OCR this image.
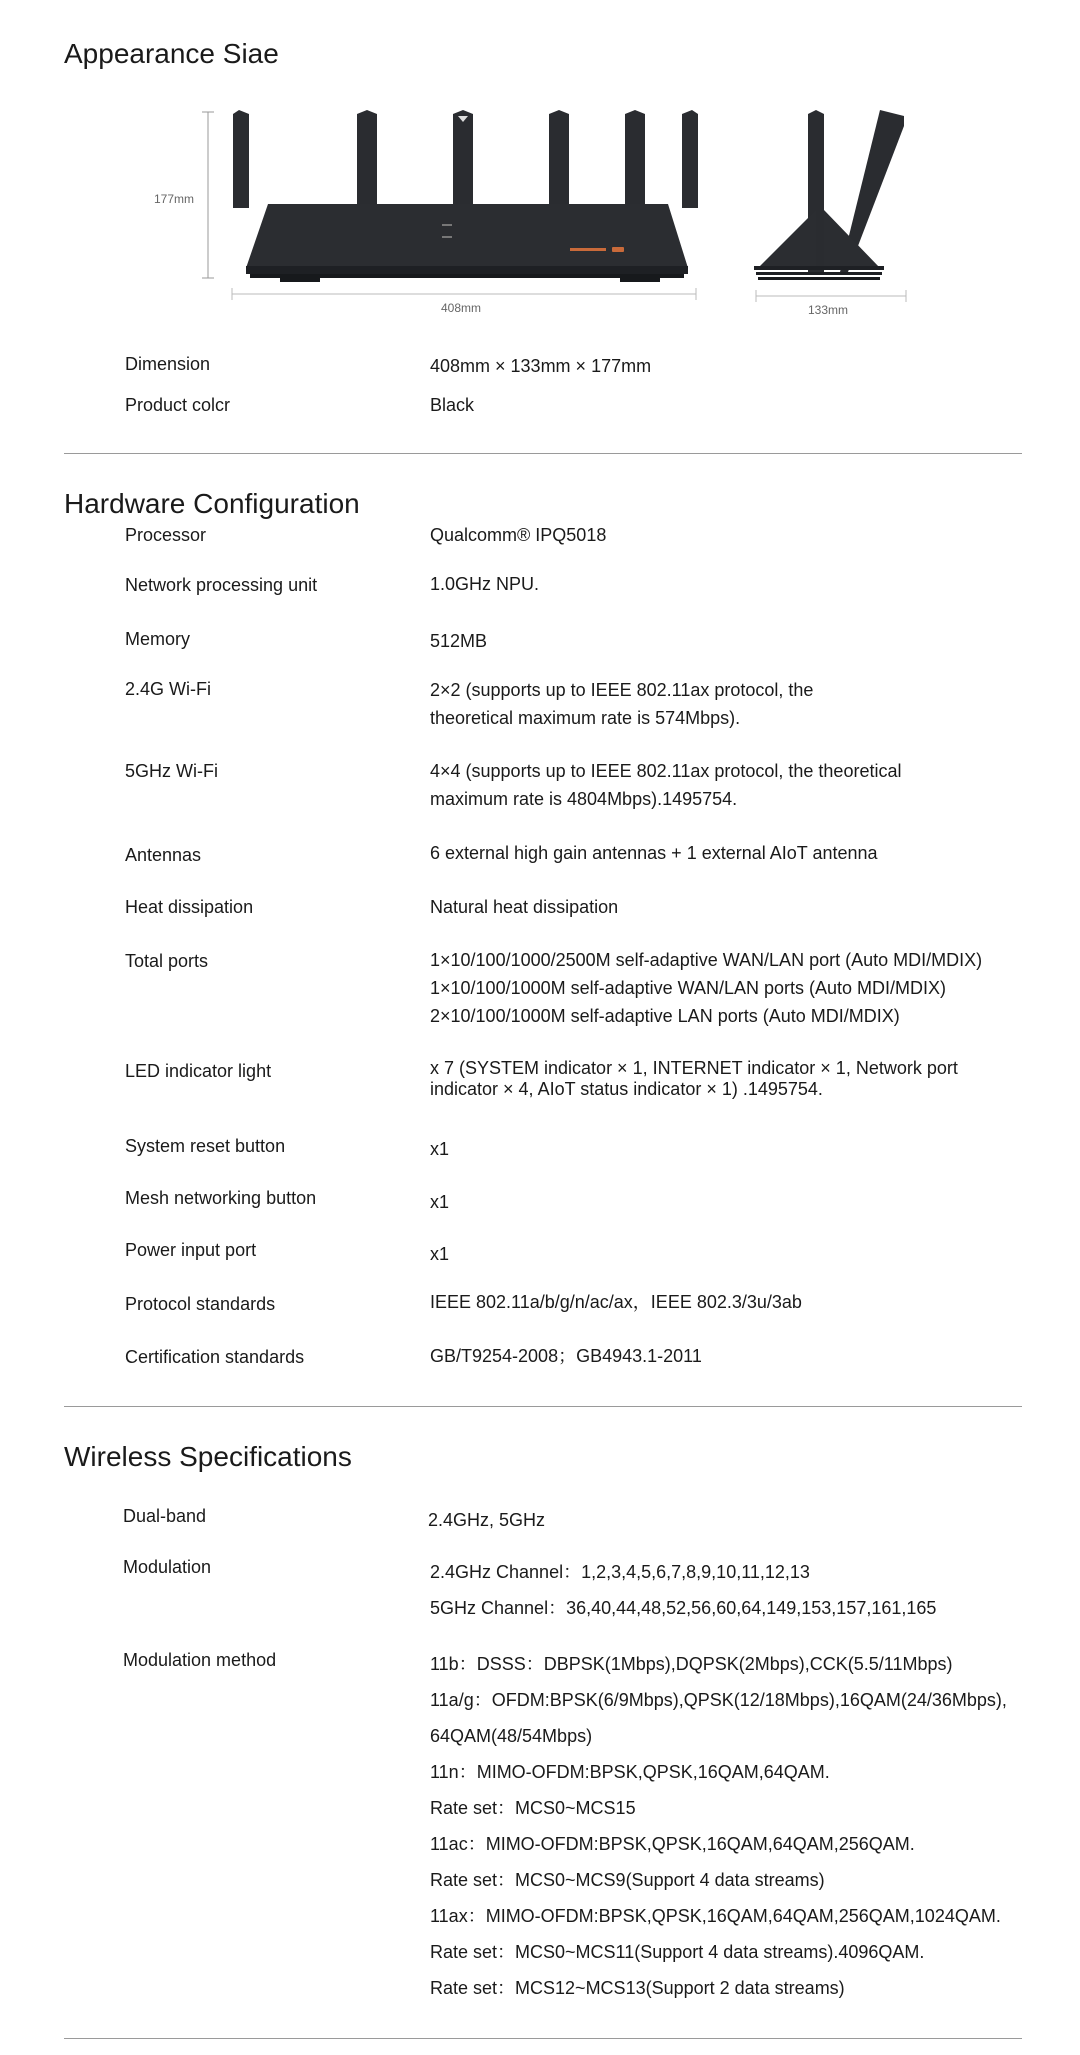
Appearance Siae
177mm
408mm	133mm
Dimension	408mm × 133mm × 177mm
Product colcr	Black
Hardware Configuration
Processor	Qualcomm® IPQ5018
Network processing unit	1.0GHz NPU.
Memory	512MB
2.4G Wi-Fi	2×2 (supports up to IEEE 802.11ax protocol, the
theoretical maximum rate is 574Mbps).
5GHz Wi-Fi	4×4 (supports up to IEEE 802.11ax protocol, the theoretical
maximum rate is 4804Mbps).1495754.
Antennas	6 external high gain antennas + 1 external AIoT antenna
Heat dissipation	Natural heat dissipation
Total ports	1×10/100/1000/2500M self-adaptive WAN/LAN port (Auto MDI/MDIX)
1×10/100/1000M self-adaptive WAN/LAN ports (Auto MDI/MDIX)
2×10/100/1000M self-adaptive LAN ports (Auto MDI/MDIX)
LED indicator light	x 7 (SYSTEM indicator × 1, INTERNET indicator × 1, Network port
indicator × 4, AIoT status indicator × 1) .1495754.
System reset button	x1
Mesh networking button	x1
Power input port	x1
Protocol standards	IEEE 802.11a/b/g/n/ac/ax，IEEE 802.3/3u/3ab
Certification standards	GB/T9254-2008；GB4943.1-2011
Wireless Specifications
Dual-band	2.4GHz, 5GHz
Modulation	2.4GHz Channel：1,2,3,4,5,6,7,8,9,10,11,12,13
5GHz Channel：36,40,44,48,52,56,60,64,149,153,157,161,165
Modulation method	11b：DSSS：DBPSK(1Mbps),DQPSK(2Mbps),CCK(5.5/11Mbps)
11a/g：OFDM:BPSK(6/9Mbps),QPSK(12/18Mbps),16QAM(24/36Mbps),
64QAM(48/54Mbps)
11n：MIMO-OFDM:BPSK,QPSK,16QAM,64QAM.
Rate set：MCS0~MCS15
11ac：MIMO-OFDM:BPSK,QPSK,16QAM,64QAM,256QAM.
Rate set：MCS0~MCS9(Support 4 data streams)
11ax：MIMO-OFDM:BPSK,QPSK,16QAM,64QAM,256QAM,1024QAM.
Rate set：MCS0~MCS11(Support 4 data streams).4096QAM.
Rate set：MCS12~MCS13(Support 2 data streams)
